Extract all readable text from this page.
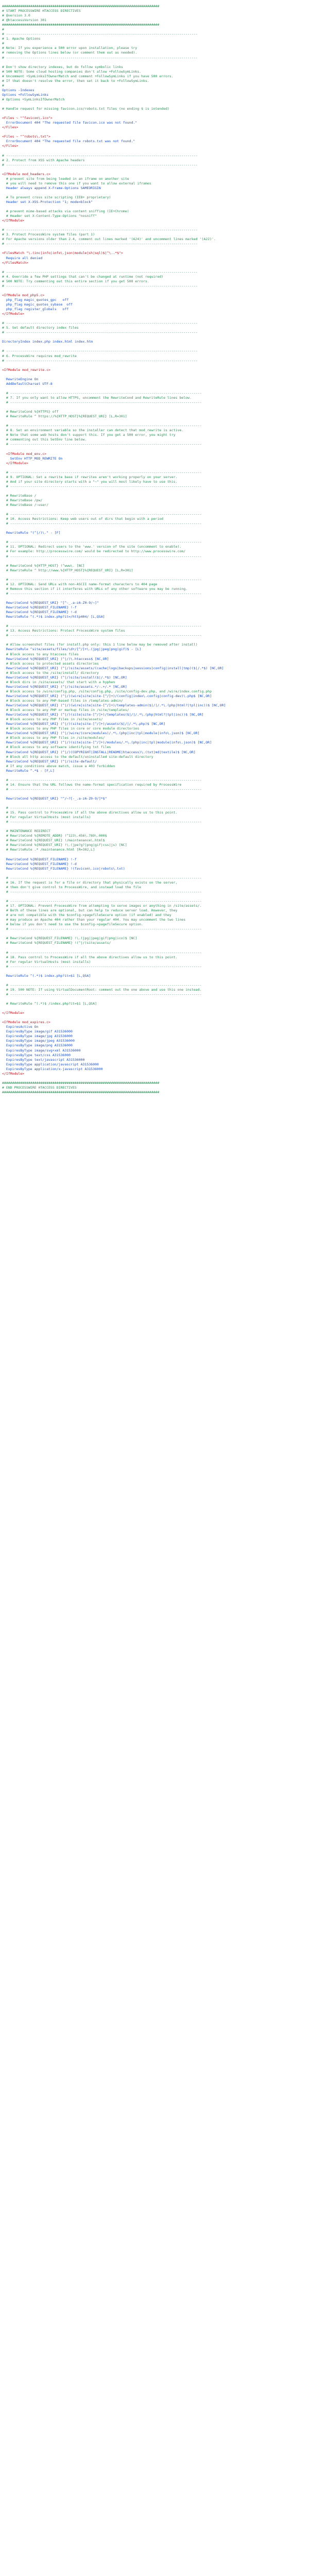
##############################################################################
# START PROCESSWIRE HTACCESS DIRECTIVES
# @version 3.0
# @htaccessVersion 301
##############################################################################
#
# -----------------------------------------------------------------------------------------------
# 1. Apache Options
#
# Note: If you experience a 500 error upon installation, please try
# removing the Options lines below (or comment them out as needed).
# -----------------------------------------------------------------------------------------------
# Don't show directory indexes, but do follow symbolic links
# 500 NOTE: Some cloud hosting companies don't allow +FollowSymLinks.
# Uncomment +SymLinksIfOwnerMatch and comment +FollowSymLinks if you have 500 errors.
# If that doesn't resolve the error, then set it back to +FollowSymLinks.
#
Options -Indexes
Options +FollowSymLinks
# Options +SymLinksIfOwnerMatch
# Handle request for missing favicon.ico/robots.txt files (no ending $ is intended)
<Files ~ "^favicon\.ico">
ErrorDocument 404 "The requested file favicon.ico was not found."
</Files>
<Files ~ "^robots\.txt">
ErrorDocument 404 "The requested file robots.txt was not found."
</Files>
# -----------------------------------------------------------------------------------------------
# 2. Protect from XSS with Apache headers
# -----------------------------------------------------------------------------------------------
<IfModule mod_headers.c>
# prevent site from being loaded in an iframe on another site
# you will need to remove this one if you want to allow external iframes
Header always append X-Frame-Options SAMEORIGIN
# To prevent cross site scripting (IE8+ proprietary)
Header set X-XSS-Protection "1; mode=block"
# prevent mime-based attacks via content sniffing (IE+Chrome)
# Header set X-Content-Type-Options "nosniff"
</IfModule>
# -----------------------------------------------------------------------------------------------
# 3. Protect ProcessWire system files (part 1)
# For Apache versions older than 2.4, comment out lines marked '(A24)' and uncomment lines marked '(A22)'.
# -----------------------------------------------------------------------------------------------
<FilesMatch "\.(inc|info|info\.json|module|sh|sql)$|^\..*$">
Require all denied
</FilesMatch>
# -----------------------------------------------------------------------------------------------
# 4. Override a few PHP settings that can't be changed at runtime (not required)
# 500 NOTE: Try commenting out this entire section if you get 500 errors.
# -----------------------------------------------------------------------------------------------
<IfModule mod_php5.c>
php_flag magic_quotes_gpc   off
php_flag magic_quotes_sybase  off
php_flag register_globals   off
</IfModule>
# -----------------------------------------------------------------------------------------------
# 5. Set default directory index files
# -----------------------------------------------------------------------------------------------
DirectoryIndex index.php index.html index.htm
# -----------------------------------------------------------------------------------------------
# 6. ProcessWire requires mod_rewrite
# -----------------------------------------------------------------------------------------------
<IfModule mod_rewrite.c>
RewriteEngine On
AddDefaultCharset UTF-8
# -----------------------------------------------------------------------------------------------
# 7. If you only want to allow HTTPS, uncomment the RewriteCond and RewriteRule lines below.
# -----------------------------------------------------------------------------------------------
# RewriteCond %{HTTPS} off
# RewriteRule ^ https://%{HTTP_HOST}%{REQUEST_URI} [L,R=301]
# -----------------------------------------------------------------------------------------------
# 8. Set an environment variable so the installer can detect that mod_rewrite is active.
# Note that some web hosts don't support this. If you get a 500 error, you might try
# commenting out this SetEnv line below.
# -----------------------------------------------------------------------------------------------
<IfModule mod_env.c>
SetEnv HTTP_MOD_REWRITE On
</IfModule>
# -----------------------------------------------------------------------------------------------
# 9. OPTIONAL: Set a rewrite base if rewrites aren't working properly on your server.
# And if your site directory starts with a "~" you will most likely have to use this.
# -----------------------------------------------------------------------------------------------
# RewriteBase /
# RewriteBase /pw/
# RewriteBase /~user/
# -----------------------------------------------------------------------------------------------
# 10. Access Restrictions: Keep web users out of dirs that begin with a period
# -----------------------------------------------------------------------------------------------
RewriteRule "(^|/)\." - [F]
# -----------------------------------------------------------------------------------------------
# 11. OPTIONAL: Redirect users to the 'www.' version of the site (uncomment to enable).
# For example: http://processwire.com/ would be redirected to http://www.processwire.com/
# -----------------------------------------------------------------------------------------------
# RewriteCond %{HTTP_HOST} !^www\. [NC]
# RewriteRule ^ http://www.%{HTTP_HOST}%{REQUEST_URI} [L,R=301]
# -----------------------------------------------------------------------------------------------
# 12. OPTIONAL: Send URLs with non-ASCII name-format characters to 404 page
# Remove this section if it interferes with URLs of any other software you may be running.
# -----------------------------------------------------------------------------------------------
RewriteCond %{REQUEST_URI} "[^-_.a-zA-Z0-9/~]"
RewriteCond %{REQUEST_FILENAME} !-f
RewriteCond %{REQUEST_FILENAME} !-d
RewriteRule ^(.*)$ index.php?it=/http404/ [L,QSA]
# -----------------------------------------------------------------------------------------------
# 13. Access Restrictions: Protect ProcessWire system files
# -----------------------------------------------------------------------------------------------
# Allow screenshot files (for install.php only: this 1 line below may be removed after install)
RewriteRule ^site/assets/files/\d+/[^/]+\.(jpg|jpeg|png|gif)$ - [L]
# Block access to any htaccess files
RewriteCond %{REQUEST_URI} (^|/)\.htaccess$ [NC,OR]
# Block access to protected assets directories
RewriteCond %{REQUEST_URI} (^|/)site/assets/(cache|logs|backups|sessions|config|install|tmp)($|/.*$) [NC,OR]
# Block access to the /site/install/ directory
RewriteCond %{REQUEST_URI} (^|/)site/install($|/.*$) [NC,OR]
# Block dirs in /site/assets/ that start with a hyphen
RewriteCond %{REQUEST_URI} (^|/)site/assets.*/-.+/.* [NC,OR]
# Block access to /wire/config.php, /site/config.php, /site/config-dev.php, and /wire/index.config.php
RewriteCond %{REQUEST_URI} (^|/)(wire|site|site-[^/]+)/(config|index\.config|config-dev)\.php$ [NC,OR]
# Block access to any PHP-based files in /templates-admin/
RewriteCond %{REQUEST_URI} (^|/)(wire|site|site-[^/]+)/templates-admin($|/|/.*\.(php|html?|tpl|inc))$ [NC,OR]
# Block access to any PHP or markup files in /site/templates/
RewriteCond %{REQUEST_URI} (^|/)(site|site-[^/]+)/templates($|/|/.*\.(php|html?|tpl|inc))$ [NC,OR]
# Block access to any PHP files in /site/assets/
RewriteCond %{REQUEST_URI} (^|/)(site|site-[^/]+)/assets($|/|/.*\.php)$ [NC,OR]
# Block access to any PHP files in core or core module directories
RewriteCond %{REQUEST_URI} (^|/)wire/(core|modules)/.*\.(php|inc|tpl|module|info\.json)$ [NC,OR]
# Block access to any PHP files in /site/modules/
RewriteCond %{REQUEST_URI} (^|/)(site|site-[^/]+)/modules/.*\.(php|inc|tpl|module|info\.json)$ [NC,OR]
# Block access to any software identifying txt files
RewriteCond %{REQUEST_URI} (^|/)(COPYRIGHT|INSTALL|README|htaccess)\.(txt|md|textile)$ [NC,OR]
# Block all http access to the default/uninstalled site-default directory
RewriteCond %{REQUEST_URI} (^|/)site-default/
# If any conditions above match, issue a 403 forbidden
RewriteRule ^.*$ - [F,L]
# -----------------------------------------------------------------------------------------------
# 14. Ensure that the URL follows the name-format specification required by ProcessWire
# -----------------------------------------------------------------------------------------------
RewriteCond %{REQUEST_URI} "^/~?[-_.a-zA-Z0-9/]*$"
# -----------------------------------------------------------------------------------------------
# 15. Pass control to ProcessWire if all the above directives allow us to this point.
# For regular VirtualHosts (most installs)
# -----------------------------------------------------------------------------------------------
# MAINTENANCE REDIRECT
# RewriteCond %{REMOTE_ADDR} !^123\.456\.789\.000$
# RewriteCond %{REQUEST_URI} !/maintenance\.html$
# RewriteCond %{REQUEST_URI} !\.(jpe?g?|png|gif|css|js) [NC]
# RewriteRule .* /maintenance.html [R=302,L]
RewriteCond %{REQUEST_FILENAME} !-f
RewriteCond %{REQUEST_FILENAME} !-d
RewriteCond %{REQUEST_FILENAME} !(favicon\.ico|robots\.txt)
# -----------------------------------------------------------------------------------------------
# 16. If the request is for a file or directory that physically exists on the server,
# then don't give control to ProcessWire, and instead load the file
# -----------------------------------------------------------------------------------------------
# -----------------------------------------------------------------------------------------------
# 17. OPTIONAL: Prevent ProcessWire from attempting to serve images or anything in /site/assets/.
# Both of these lines are optional, but can help to reduce server load. However, they
# are not compatible with the $config->pagefileSecure option (if enabled) and they
# may produce an Apache 404 rather than your regular 404. You may uncomment the two lines
# below if you don't need to use the $config->pagefileSecure option.
# -----------------------------------------------------------------------------------------------
# RewriteCond %{REQUEST_FILENAME} !\.(jpg|jpeg|gif|png|ico)$ [NC]
# RewriteCond %{REQUEST_FILENAME} !(^|/)site/assets/
# -----------------------------------------------------------------------------------------------
# 18. Pass control to ProcessWire if all the above directives allow us to this point.
# For regular VirtualHosts (most installs)
# -----------------------------------------------------------------------------------------------
RewriteRule ^(.*)$ index.php?it=$1 [L,QSA]
# -----------------------------------------------------------------------------------------------
# 19. 500 NOTE: If using VirtualDocumentRoot: comment out the one above and use this one instead.
# -----------------------------------------------------------------------------------------------
# RewriteRule ^(.*)$ /index.php?it=$1 [L,QSA]
</IfModule>
<IfModule mod_expires.c>
ExpiresActive On
ExpiresByType image/gif A31536000
ExpiresByType image/jpg A31536000
ExpiresByType image/jpeg A31536000
ExpiresByType image/png A31536000
ExpiresByType image/svg+xml A31536000
ExpiresByType text/css A31536000
ExpiresByType text/javascript A31536000
ExpiresByType application/javascript A31536000
ExpiresByType application/x-javascript A31536000
</IfModule>
##############################################################################
# END PROCESSWIRE HTACCESS DIRECTIVES
##############################################################################
